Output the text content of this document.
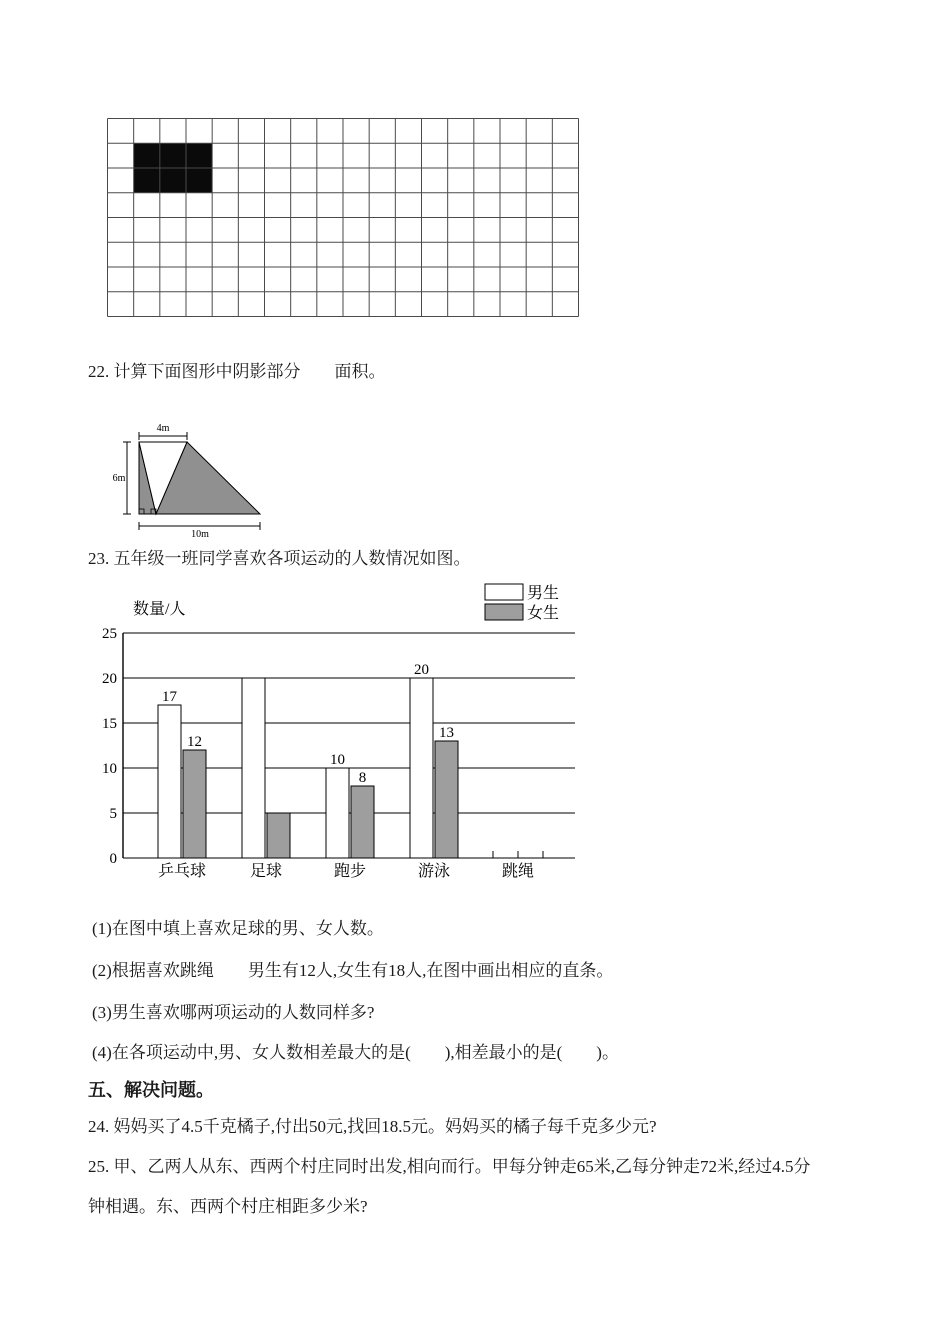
22. 计算下面图形中阴影部分        面积。
4m
6m
10m
23. 五年级一班同学喜欢各项运动的人数情况如图。
0
5
10
15
20
25
数量/人
男生
女生
乒乓球
17
12
足球	跑步
10
8
游泳
20
13
跳绳
(1)在图中填上喜欢足球的男、女人数。
(2)根据喜欢跳绳        男生有12人,女生有18人,在图中画出相应的直条。
(3)男生喜欢哪两项运动的人数同样多?
(4)在各项运动中,男、女人数相差最大的是(        ),相差最小的是(        )。
五、解决问题。
24. 妈妈买了4.5千克橘子,付出50元,找回18.5元。妈妈买的橘子每千克多少元?
25. 甲、乙两人从东、西两个村庄同时出发,相向而行。甲每分钟走65米,乙每分钟走72米,经过4.5分
钟相遇。东、西两个村庄相距多少米?
